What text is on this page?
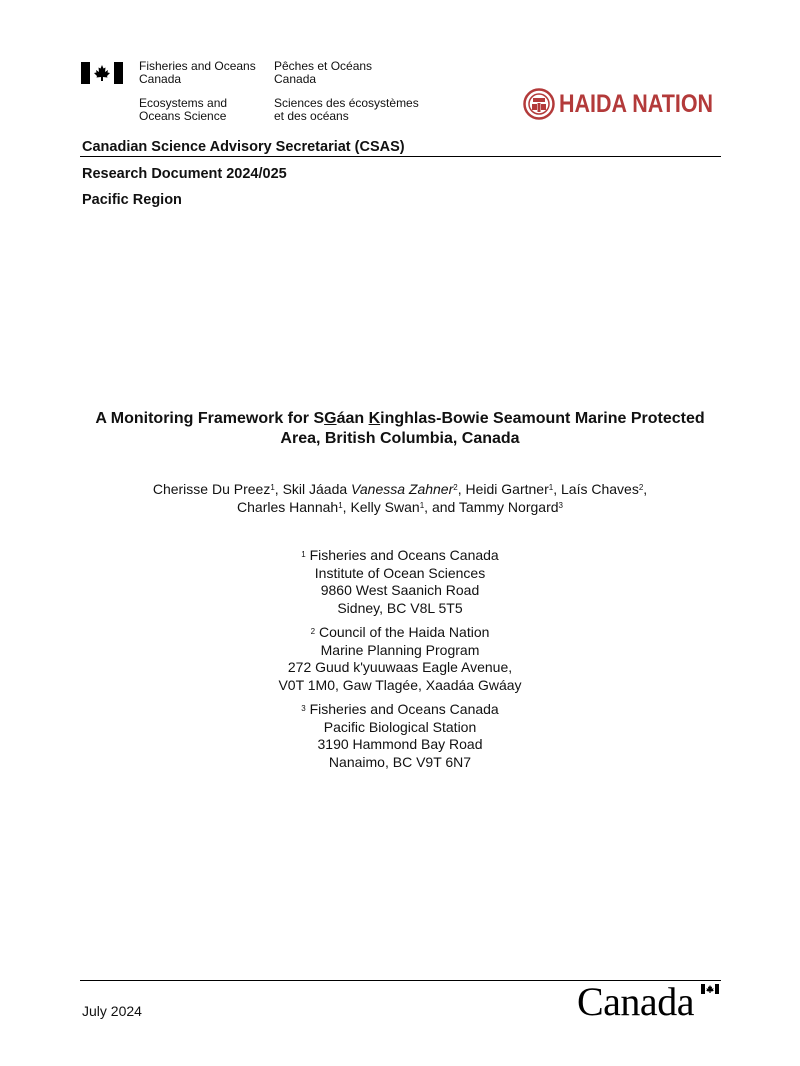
Fisheries and Oceans
Canada
Pêches et Océans
Canada
Ecosystems and
Oceans Science
Sciences des écosystèmes
et des océans	HAIDA NATION
Canadian Science Advisory Secretariat (CSAS)
Research Document 2024/025
Pacific Region
A Monitoring Framework for SGáan Kinghlas-Bowie Seamount Marine Protected
Area, British Columbia, Canada
Cherisse Du Preez$^1$, Skil Jáada Vanessa Zahner$^2$, Heidi Gartner$^1$, Laís Chaves$^2$,
Charles Hannah$^1$, Kelly Swan$^1$, and Tammy Norgard$^3$
$^1$ Fisheries and Oceans Canada
Institute of Ocean Sciences
9860 West Saanich Road
Sidney, BC V8L 5T5
$^2$ Council of the Haida Nation
Marine Planning Program
272 Guud k'yuuwaas Eagle Avenue,
V0T 1M0, Gaw Tlagée, Xaadáa Gwáay
$^3$ Fisheries and Oceans Canada
Pacific Biological Station
3190 Hammond Bay Road
Nanaimo, BC V9T 6N7
July 2024	Canada
